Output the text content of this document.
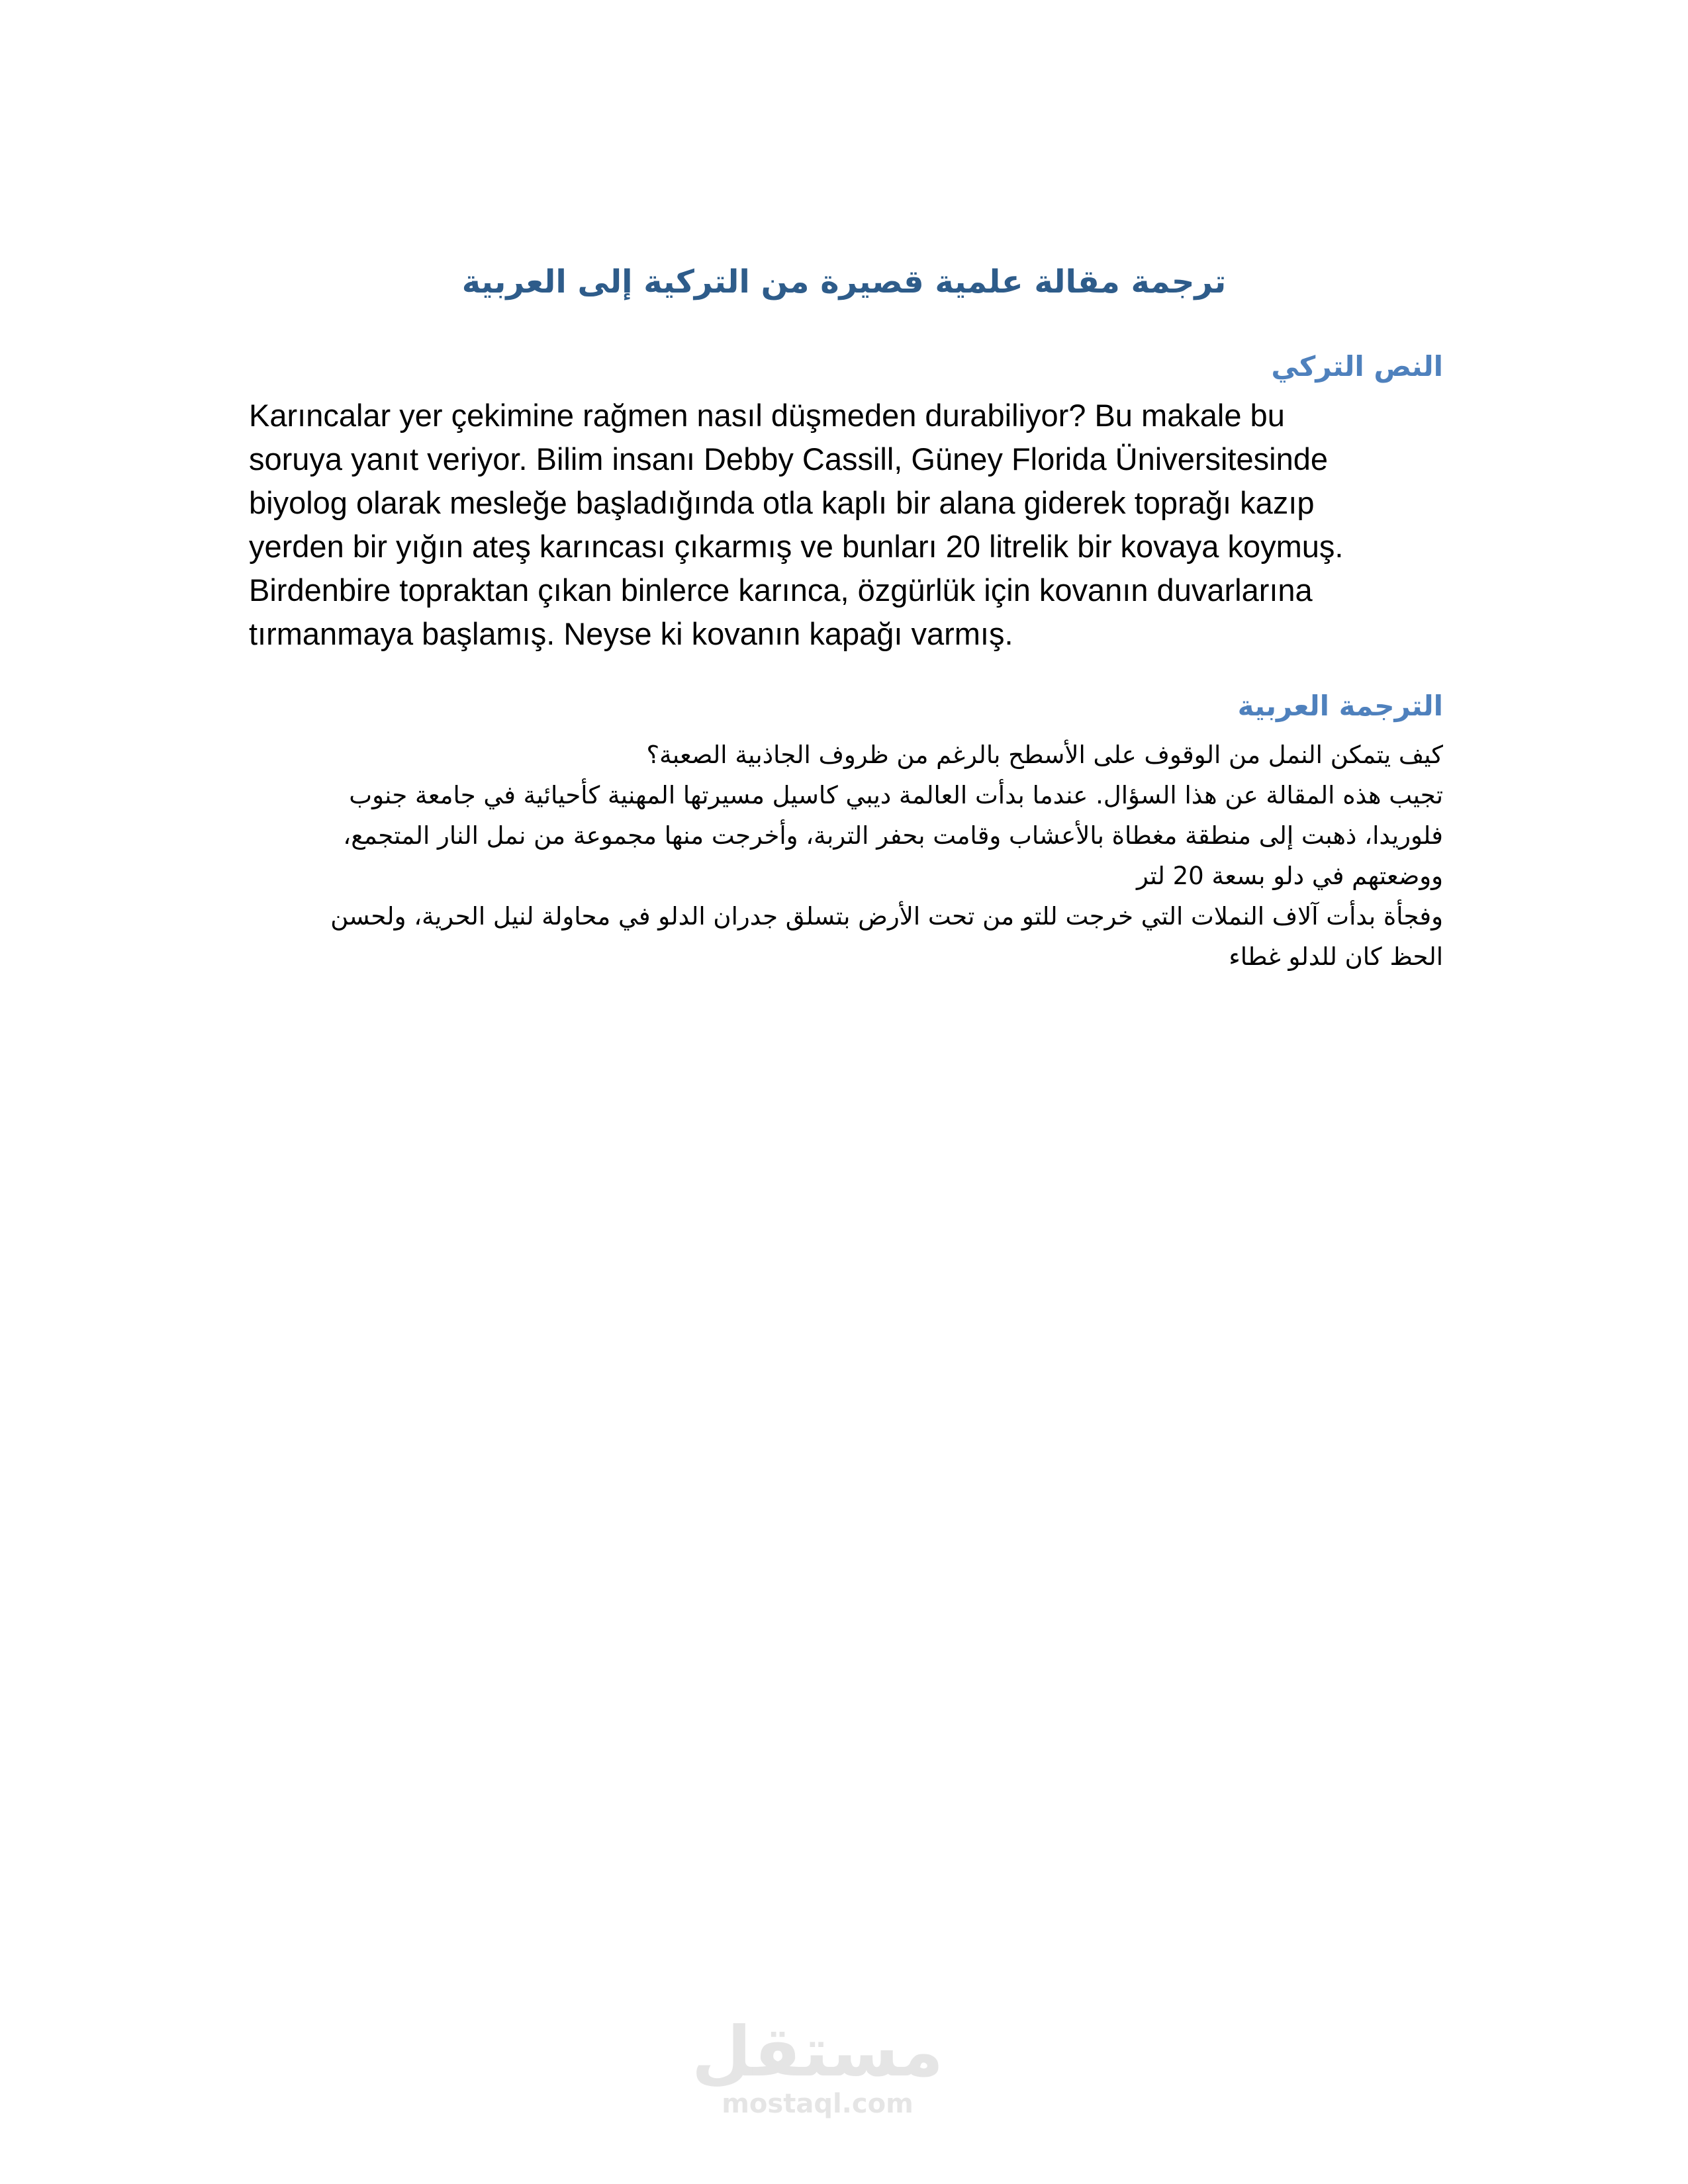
ترجمة مقالة علمية قصيرة من التركية إلى العربية
النص التركي
Karıncalar yer çekimine rağmen nasıl düşmeden durabiliyor? Bu makale bu
soruya yanıt veriyor. Bilim insanı Debby Cassill, Güney Florida Üniversitesinde
biyolog olarak mesleğe başladığında otla kaplı bir alana giderek toprağı kazıp
yerden bir yığın ateş karıncası çıkarmış ve bunları 20 litrelik bir kovaya koymuş.
Birdenbire topraktan çıkan binlerce karınca, özgürlük için kovanın duvarlarına
tırmanmaya başlamış. Neyse ki kovanın kapağı varmış.
الترجمة العربية
كيف يتمكن النمل من الوقوف على الأسطح بالرغم من ظروف الجاذبية الصعبة؟
تجيب هذه المقالة عن هذا السؤال. عندما بدأت العالمة ديبي كاسيل مسيرتها المهنية كأحيائية في جامعة جنوب
فلوريدا، ذهبت إلى منطقة مغطاة بالأعشاب وقامت بحفر التربة، وأخرجت منها مجموعة من نمل النار المتجمع،
ووضعتهم في دلو بسعة 20 لتر
وفجأة بدأت آلاف النملات التي خرجت للتو من تحت الأرض بتسلق جدران الدلو في محاولة لنيل الحرية، ولحسن
الحظ كان للدلو غطاء
مستقل
mostaql.com
